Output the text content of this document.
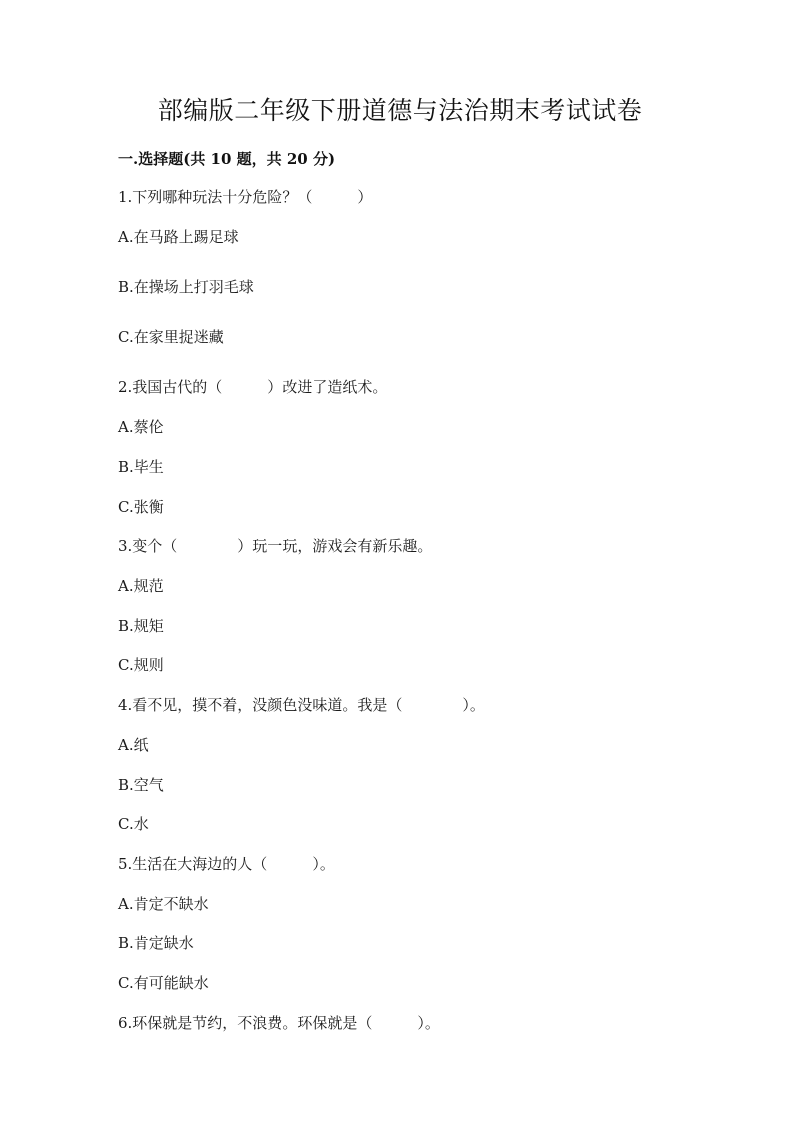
部编版二年级下册道德与法治期末考试试卷
一.选择题(共 10 题，共 20 分)
1.下列哪种玩法十分危险？（　　　）
A.在马路上踢足球
B.在操场上打羽毛球
C.在家里捉迷藏
2.我国古代的（　　　）改进了造纸术。
A.蔡伦
B.毕生
C.张衡
3.变个（　　　　）玩一玩，游戏会有新乐趣。
A.规范
B.规矩
C.规则
4.看不见，摸不着，没颜色没味道。我是（　　　　）。
A.纸
B.空气
C.水
5.生活在大海边的人（　　　）。
A.肯定不缺水
B.肯定缺水
C.有可能缺水
6.环保就是节约，不浪费。环保就是（　　　）。
